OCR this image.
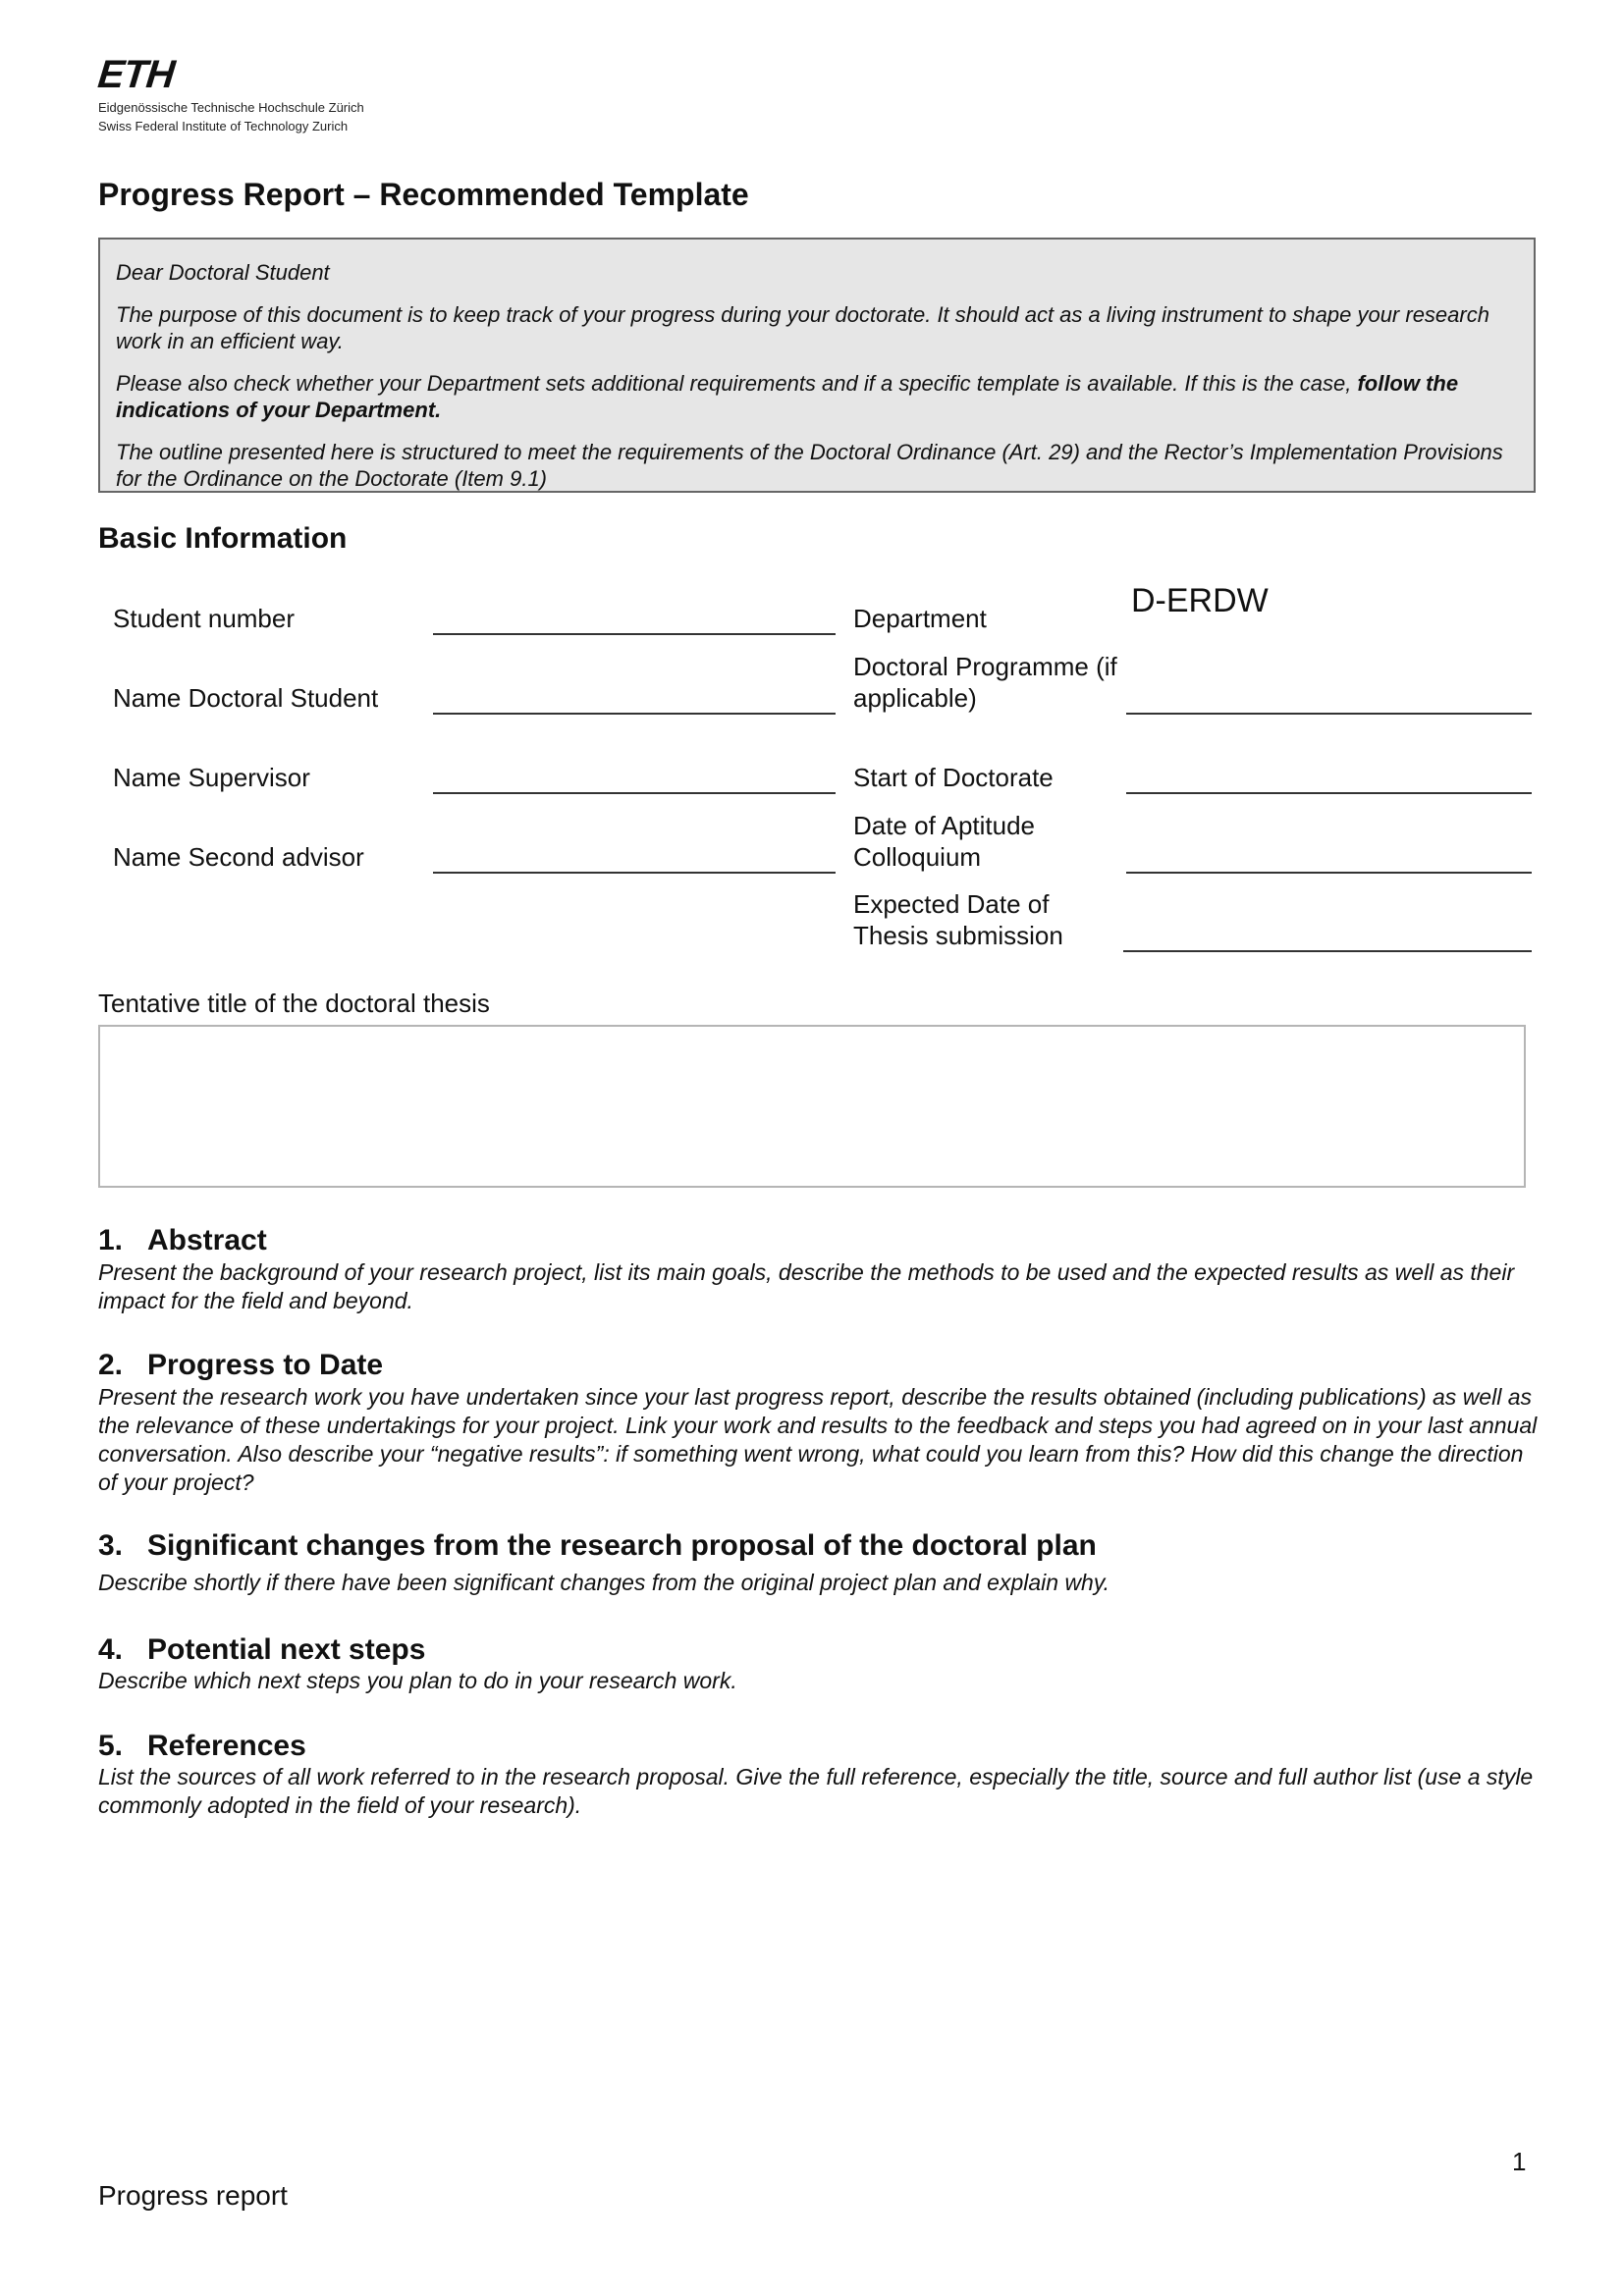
ETH
Eidgenössische Technische Hochschule Zürich
Swiss Federal Institute of Technology Zurich
Progress Report – Recommended Template

Dear Doctoral Student

The purpose of this document is to keep track of your progress during your doctorate. It should act as a living instrument to shape your research work in an efficient way.

Please also check whether your Department sets additional requirements and if a specific template is available. If this is the case, follow the indications of your Department.

The outline presented here is structured to meet the requirements of the Doctoral Ordinance (Art. 29) and the Rector’s Implementation Provisions for the Ordinance on the Doctorate (Item 9.1)

Basic Information
Student number
Name Doctoral Student
Name Supervisor
Name Second advisor
Department	D-ERDW
Doctoral Programme (if applicable)
Start of Doctorate
Date of Aptitude Colloquium
Expected Date of Thesis submission
Tentative title of the doctoral thesis
1. Abstract
Present the background of your research project, list its main goals, describe the methods to be used and the expected results as well as their impact for the field and beyond.
2. Progress to Date
Present the research work you have undertaken since your last progress report, describe the results obtained (including publications) as well as the relevance of these undertakings for your project. Link your work and results to the feedback and steps you had agreed on in your last annual conversation. Also describe your “negative results”: if something went wrong, what could you learn from this? How did this change the direction of your project?
3. Significant changes from the research proposal of the doctoral plan
Describe shortly if there have been significant changes from the original project plan and explain why.
4. Potential next steps
Describe which next steps you plan to do in your research work.
5. References
List the sources of all work referred to in the research proposal. Give the full reference, especially the title, source and full author list (use a style commonly adopted in the field of your research).
1
Progress report
